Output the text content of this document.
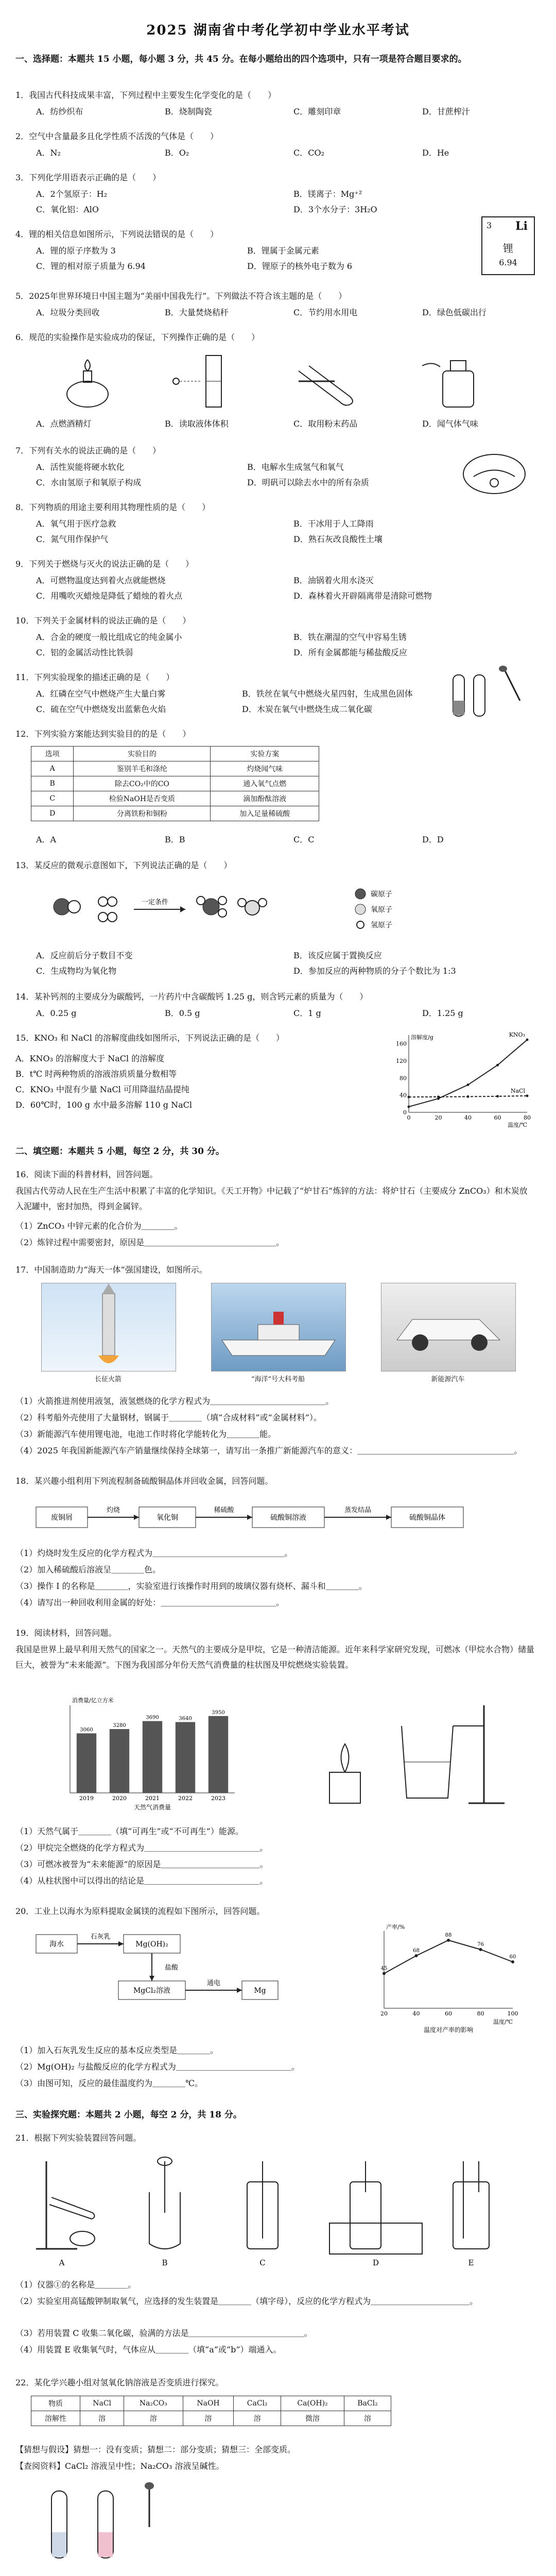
2025 湖南省中考化学初中学业水平考试
一、选择题：本题共 15 小题，每小题 3 分，共 45 分。在每小题给出的四个选项中，只有一项是符合题目要求的。
1．我国古代科技成果丰富，下列过程中主要发生化学变化的是（　　）
A．纺纱织布	B．烧制陶瓷	C．雕刻印章	D．甘蔗榨汁
2．空气中含量最多且化学性质不活泼的气体是（　　）
A．N₂	B．O₂	C．CO₂	D．He
3．下列化学用语表示正确的是（　　）
A．2个氢原子：H₂	B．镁离子：Mg⁺²
C．氧化铝：AlO	D．3个水分子：3H₂O
4．锂的相关信息如图所示，下列说法错误的是（　　）
A．锂的原子序数为 3	B．锂属于金属元素
C．锂的相对原子质量为 6.94	D．锂原子的核外电子数为 6
3 Li
锂
6.94
5．2025年世界环境日中国主题为“美丽中国我先行”。下列做法不符合该主题的是（　　）
A．垃圾分类回收	B．大量焚烧秸秆	C．节约用水用电	D．绿色低碳出行
6．规范的实验操作是实验成功的保证，下列操作正确的是（　　）
A．点燃酒精灯	B．读取液体体积	C．取用粉末药品	D．闻气体气味
7．下列有关水的说法正确的是（　　）
A．活性炭能将硬水软化	B．电解水生成氢气和氧气
C．水由氢原子和氧原子构成	D．明矾可以除去水中的所有杂质
8．下列物质的用途主要利用其物理性质的是（　　）
A．氧气用于医疗急救	B．干冰用于人工降雨
C．氮气用作保护气	D．熟石灰改良酸性土壤
9．下列关于燃烧与灭火的说法正确的是（　　）
A．可燃物温度达到着火点就能燃烧	B．油锅着火用水浇灭
C．用嘴吹灭蜡烛是降低了蜡烛的着火点	D．森林着火开辟隔离带是清除可燃物
10．下列关于金属材料的说法正确的是（　　）
A．合金的硬度一般比组成它的纯金属小	B．铁在潮湿的空气中容易生锈
C．铝的金属活动性比铁弱	D．所有金属都能与稀盐酸反应
11．下列实验现象的描述正确的是（　　）
A．红磷在空气中燃烧产生大量白雾	B．铁丝在氧气中燃烧火星四射，生成黑色固体
C．硫在空气中燃烧发出蓝紫色火焰	D．木炭在氧气中燃烧生成二氧化碳
12．下列实验方案能达到实验目的的是（　　）
选项	实验目的	实验方案
A	鉴别羊毛和涤纶	灼烧闻气味
B	除去CO₂中的CO	通入氧气点燃
C	检验NaOH是否变质	滴加酚酞溶液
D	分离铁粉和铜粉	加入足量稀硫酸
A．A	B．B	C．C	D．D
13．某反应的微观示意图如下，下列说法正确的是（　　）
一定条件
碳原子
氧原子
氢原子
A．反应前后分子数目不变	B．该反应属于置换反应
C．生成物均为氧化物	D．参加反应的两种物质的分子个数比为 1:3
14．某补钙剂的主要成分为碳酸钙，一片药片中含碳酸钙 1.25 g，则含钙元素的质量为（　　）
A．0.25 g	B．0.5 g	C．1 g	D．1.25 g
15．KNO₃ 和 NaCl 的溶解度曲线如图所示，下列说法正确的是（　　）
A．KNO₃ 的溶解度大于 NaCl 的溶解度
B．t℃ 时两种物质的溶液溶质质量分数相等
C．KNO₃ 中混有少量 NaCl 可用降温结晶提纯
D．60℃时，100 g 水中最多溶解 110 g NaCl
0	20	40	60	80
0
40
80
120
160
温度/℃
溶解度/g	KNO₃
NaCl
二、填空题：本题共 5 小题，每空 2 分，共 30 分。
16．阅读下面的科普材料，回答问题。
我国古代劳动人民在生产生活中积累了丰富的化学知识。《天工开物》中记载了“炉甘石”炼锌的方法：将炉甘石（主要成分 ZnCO₃）和木炭放入泥罐中，密封加热，得到金属锌。
（1）ZnCO₃ 中锌元素的化合价为＿＿＿＿。
（2）炼锌过程中需要密封，原因是＿＿＿＿＿＿＿＿＿＿＿＿＿＿＿＿。
17．中国制造助力“海天一体”强国建设，如图所示。
长征火箭	“海洋”号大科考船	新能源汽车
（1）火箭推进剂使用液氢，液氢燃烧的化学方程式为＿＿＿＿＿＿＿＿＿＿＿＿＿＿。
（2）科考船外壳使用了大量钢材，钢属于＿＿＿＿（填“合成材料”或“金属材料”）。
（3）新能源汽车使用锂电池，电池工作时将化学能转化为＿＿＿＿能。
（4）2025 年我国新能源汽车产销量继续保持全球第一，请写出一条推广新能源汽车的意义：＿＿＿＿＿＿＿＿＿＿＿＿＿＿＿＿＿＿＿。
18．某兴趣小组利用下列流程制备硫酸铜晶体并回收金属，回答问题。
废铜屑
灼烧
氧化铜
稀硫酸
硫酸铜溶液
蒸发结晶
硫酸铜晶体
（1）灼烧时发生反应的化学方程式为＿＿＿＿＿＿＿＿＿＿＿＿＿＿＿＿。
（2）加入稀硫酸后溶液呈＿＿＿＿色。
（3）操作 Ⅰ 的名称是＿＿＿＿，实验室进行该操作时用到的玻璃仪器有烧杯、漏斗和＿＿＿＿。
（4）请写出一种回收利用金属的好处：＿＿＿＿＿＿＿＿＿＿＿＿＿＿。
19．阅读材料，回答问题。
我国是世界上最早利用天然气的国家之一。天然气的主要成分是甲烷，它是一种清洁能源。近年来科学家研究发现，可燃冰（甲烷水合物）储量巨大，被誉为“未来能源”。下图为我国部分年份天然气消费量的柱状图及甲烷燃烧实验装置。
消费量/亿立方米
3060
2019
3280
2020
3690
2021
3640
2022
3950
2023
天然气消费量
（1）天然气属于＿＿＿＿（填“可再生”或“不可再生”）能源。
（2）甲烷完全燃烧的化学方程式为＿＿＿＿＿＿＿＿＿＿＿＿＿＿。
（3）可燃冰被誉为“未来能源”的原因是＿＿＿＿＿＿＿＿＿＿＿＿。
（4）从柱状图中可以得出的结论是＿＿＿＿＿＿＿＿＿＿＿＿＿＿。
20．工业上以海水为原料提取金属镁的流程如下图所示，回答问题。
海水
石灰乳
Mg(OH)₂
盐酸
MgCl₂溶液
通电
Mg
20	40	60	80	100
温度/℃
产率/%
45
68
88
76
60
温度对产率的影响
（1）加入石灰乳发生反应的基本反应类型是＿＿＿＿。
（2）Mg(OH)₂ 与盐酸反应的化学方程式为＿＿＿＿＿＿＿＿＿＿＿＿＿＿。
（3）由图可知，反应的最佳温度约为＿＿＿＿℃。
三、实验探究题：本题共 2 小题，每空 2 分，共 18 分。
21．根据下列实验装置回答问题。
A	B	C	D	E
（1）仪器①的名称是＿＿＿＿。
（2）实验室用高锰酸钾制取氧气，应选择的发生装置是＿＿＿＿（填字母），反应的化学方程式为＿＿＿＿＿＿＿＿＿＿＿＿。
（3）若用装置 C 收集二氧化碳，验满的方法是＿＿＿＿＿＿＿＿＿＿＿＿＿＿。
（4）用装置 E 收集氧气时，气体应从＿＿＿＿（填“a”或“b”）端通入。
22．某化学兴趣小组对氢氧化钠溶液是否变质进行探究。
物质	NaCl	Na₂CO₃	NaOH	CaCl₂	Ca(OH)₂	BaCl₂
溶解性	溶	溶	溶	溶	微溶	溶
【猜想与假设】猜想一：没有变质；猜想二：部分变质；猜想三：全部变质。
【查阅资料】CaCl₂ 溶液呈中性；Na₂CO₃ 溶液呈碱性。
